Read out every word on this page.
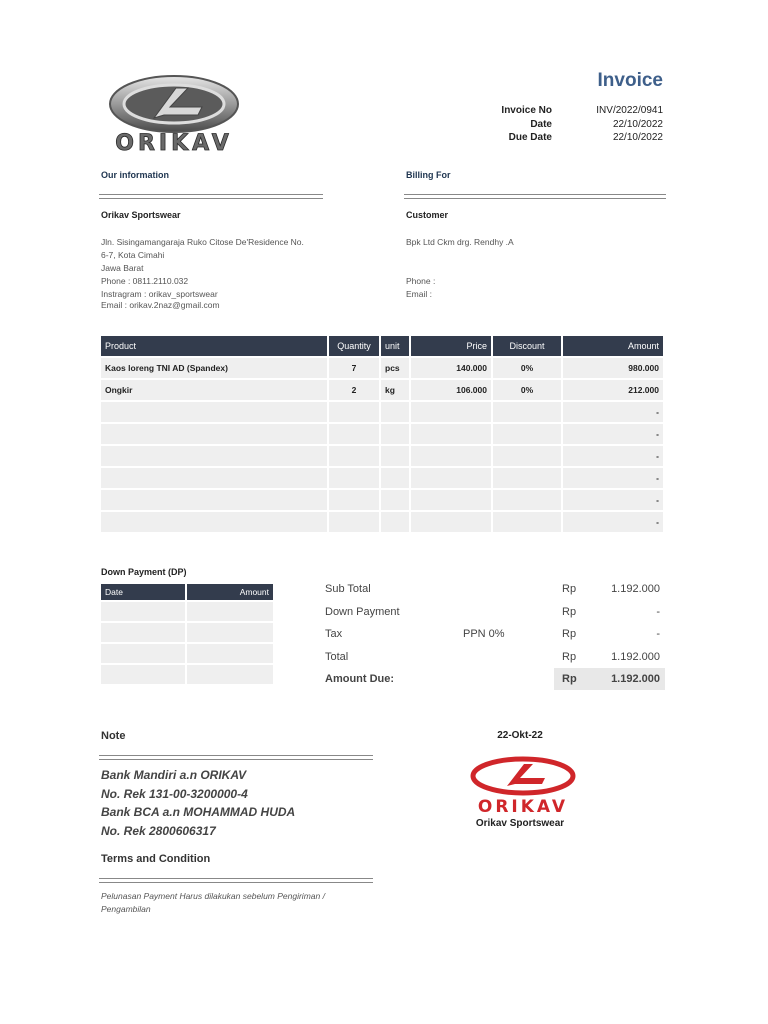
ORIKAV
Invoice
Invoice No	INV/2022/0941
Date	22/10/2022
Due Date	22/10/2022
Our information
Orikav Sportswear
Jln. Sisingamangaraja Ruko Citose De'Residence No.
6-7, Kota Cimahi
Jawa Barat
Phone : 0811.2110.032
Instragram : orikav_sportswear
Email : orikav.2naz@gmail.com
Billing For
Customer
Bpk Ltd Ckm drg. Rendhy .A
Phone :
Email :
Product	Quantity	unit	Price	Discount	Amount
Kaos loreng TNI AD (Spandex)	7	pcs	140.000	0%	980.000
Ongkir	2	kg	106.000	0%	212.000
					-
					-
					-
					-
					-
					-
Down Payment (DP)
Date	Amount

		Sub Total	Rp	1.192.000
Down Payment	Rp	-
Tax	PPN 0%	Rp	-
Total	Rp	1.192.000
Amount Due:	Rp	1.192.000
Note
Bank Mandiri a.n ORIKAV
No. Rek 131-00-3200000-4
Bank BCA a.n MOHAMMAD HUDA
No. Rek 2800606317
Terms and Condition
Pelunasan Payment Harus dilakukan sebelum Pengiriman /
Pengambilan
22-Okt-22
ORIKAV
Orikav Sportswear
